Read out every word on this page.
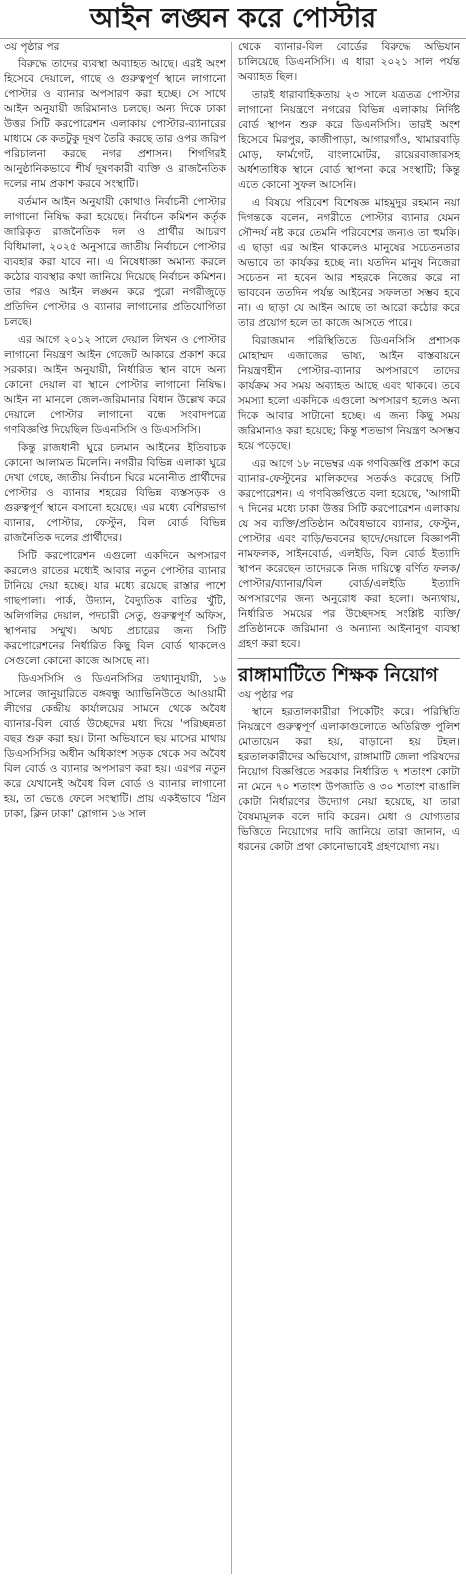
আইন লঙ্ঘন করে পোস্টার
৩য় পৃষ্ঠার পর

বিরুদ্ধে তাদের ব্যবস্থা অব্যাহত আছে। এরই অংশ হিসেবে দেয়ালে, গাছে ও গুরুত্বপূর্ণ স্থানে লাগানো পোস্টার ও ব্যানার অপসারণ করা হচ্ছে। সে সাথে আইন অনুযায়ী জরিমানাও চলছে। অন্য দিকে ঢাকা উত্তর সিটি করপোরেশন এলাকায় পোস্টার-ব্যানারের মাধ্যমে কে কতটুকু দূষণ তৈরি করছে তার ওপর জরিপ পরিচালনা করছে নগর প্রশাসন। শিগগিরই আনুষ্ঠানিকভাবে শীর্ষ দূষণকারী ব্যক্তি ও রাজনৈতিক দলের নাম প্রকাশ করবে সংস্থাটি।

বর্তমান আইন অনুযায়ী কোথাও নির্বাচনী পোস্টার লাগানো নিষিদ্ধ করা হয়েছে। নির্বাচন কমিশন কর্তৃক জারিকৃত রাজনৈতিক দল ও প্রার্থীর আচরণ বিধিমালা, ২০২৫ অনুসারে জাতীয় নির্বাচনে পোস্টার ব্যবহার করা যাবে না। এ নিষেধাজ্ঞা অমান্য করলে কঠোর ব্যবস্থার কথা জানিয়ে দিয়েছে নির্বাচন কমিশন। তার পরও আইন লঙ্ঘন করে পুরো নগরীজুড়ে প্রতিদিন পোস্টার ও ব্যানার লাগানোর প্রতিযোগিতা চলছে।

এর আগে ২০১২ সালে দেয়াল লিখন ও পোস্টার লাগানো নিয়ন্ত্রণ আইন গেজেট আকারে প্রকাশ করে সরকার। আইন অনুযায়ী, নির্ধারিত স্থান বাদে অন্য কোনো দেয়াল বা স্থানে পোস্টার লাগানো নিষিদ্ধ। আইন না মানলে জেল-জরিমানার বিধান উল্লেখ করে দেয়ালে পোস্টার লাগানো বন্ধে সংবাদপত্রে গণবিজ্ঞপ্তি দিয়েছিল ডিএনসিসি ও ডিএসসিসি।

কিন্তু রাজধানী ঘুরে চলমান আইনের ইতিবাচক কোনো আলামত মিলেনি। নগরীর বিভিন্ন এলাকা ঘুরে দেখা গেছে, জাতীয় নির্বাচন ঘিরে মনোনীত প্রার্থীদের পোস্টার ও ব্যানার শহরের বিভিন্ন ব্যস্তসড়ক ও গুরুত্বপূর্ণ স্থানে বসানো হয়েছে। এর মধ্যে বেশিরভাগ ব্যানার, পোস্টার, ফেস্টুন, বিল বোর্ড বিভিন্ন রাজনৈতিক দলের প্রার্থীদের।

সিটি করপোরেশন এগুলো একদিনে অপসারণ করলেও রাতের মধ্যেই আবার নতুন পোস্টার ব্যানার টানিয়ে দেয়া হচ্ছে। যার মধ্যে রয়েছে রাস্তার পাশে গাছপালা। পার্ক, উদ্যান, বৈদ্যুতিক বাতির খুঁটি, অলিগলির দেয়াল, পদচারী সেতু, গুরুত্বপূর্ণ অফিস, স্থাপনার সম্মুখ। অথচ প্রচারের জন্য সিটি করপোরেশনের নির্ধারিত কিছু বিল বোর্ড থাকলেও সেগুলো কোনো কাজে আসছে না।

ডিএসসিসি ও ডিএনসিসির তথ্যানুযায়ী, ১৬ সালের জানুয়ারিতে বঙ্গবন্ধু অ্যাভিনিউতে আওয়ামী লীগের কেন্দ্রীয় কার্যালয়ের সামনে থেকে অবৈধ ব্যানার-বিল বোর্ড উচ্ছেদের মধ্য দিয়ে 'পরিচ্ছন্নতা বছর শুরু করা হয়। টানা অভিযানে ছয় মাসের মাথায় ডিএসসিসির অধীন অধিকাংশ সড়ক থেকে সব অবৈধ বিল বোর্ড ও ব্যানার অপসারণ করা হয়। এরপর নতুন করে যেখানেই অবৈধ বিল বোর্ড ও ব্যানার লাগানো হয়, তা ভেঙে ফেলে সংস্থাটি। প্রায় একইভাবে 'গ্রিন ঢাকা, ক্লিন ঢাকা' স্লোগান ১৬ সাল

থেকে ব্যানার-বিল বোর্ডের বিরুদ্ধে অভিযান চালিয়েছে ডিএনসিসি। এ ধারা ২০২১ সাল পর্যন্ত অব্যাহত ছিল।

তারই ধারাবাহিকতায় ২৩ সালে যত্রতত্র পোস্টার লাগানো নিয়ন্ত্রণে নগরের বিভিন্ন এলাকায় নির্দিষ্ট বোর্ড স্থাপন শুরু করে ডিএনসিসি। তারই অংশ হিসেবে মিরপুর, কাজীপাড়া, আগারগাঁও, খামারবাড়ি মোড়, ফার্মগেট, বাংলামোটর, রায়েরবাজারসহ অর্ধশতাধিক স্থানে বোর্ড স্থাপনা করে সংস্থাটি; কিন্তু এতে কোনো সুফল আসেনি।

এ বিষয়ে পরিবেশ বিশেষজ্ঞ মাহমুদুর রহমান নয়া দিগন্তকে বলেন, নগরীতে পোস্টার ব্যানার যেমন সৌন্দর্য নষ্ট করে তেমনি পরিবেশের জন্যও তা হুমকি। এ ছাড়া এর আইন থাকলেও মানুষের সচেতনতার অভাবে তা কার্যকর হচ্ছে না। যতদিন মানুষ নিজেরা সচেতন না হবেন আর শহরকে নিজের করে না ভাববেন ততদিন পর্যন্ত আইনের সফলতা সম্ভব হবে না। এ ছাড়া যে আইন আছে তা আরো কঠোর করে তার প্রয়োগ হলে তা কাজে আসতে পারে।

বিরাজমান পরিস্থিতিতে ডিএনসিসি প্রশাসক মোহাম্মদ এজাজের ভাষ্য, আইন বাস্তবায়নে নিয়ন্ত্রণহীন পোস্টার-ব্যানার অপসারণে তাদের কার্যক্রম সব সময় অব্যাহত আছে এবং থাকবে। তবে সমস্যা হলো একদিকে এগুলো অপসারণ হলেও অন্য দিকে আবার সাটানো হচ্ছে। এ জন্য কিছু সময় জরিমানাও করা হয়েছে; কিন্তু শতভাগ নিয়ন্ত্রণ অসম্ভব হয়ে পড়েছে।

এর আগে ১৮ নভেম্বর এক গণবিজ্ঞপ্তি প্রকাশ করে ব্যানার-ফেস্টুনের মালিকদের সতর্কও করেছে সিটি করপোরেশন। এ গণবিজ্ঞপ্তিতে বলা হয়েছে, 'আগামী ৭ দিনের মধ্যে ঢাকা উত্তর সিটি করপোরেশন এলাকায় যে সব ব্যক্তি/প্রতিষ্ঠান অবৈধভাবে ব্যানার, ফেস্টুন, পোস্টার এবং বাড়ি/ভবনের ছাদে/দেয়ালে বিজ্ঞাপনী নামফলক, সাইনবোর্ড, এলইডি, বিল বোর্ড ইত্যাদি স্থাপন করেছেন তাদেরকে নিজ দায়িত্বে বর্ণিত ফলক/পোস্টার/ব্যানার/বিল বোর্ড/এলইডি ইত্যাদি অপসারণের জন্য অনুরোধ করা হলো। অন্যথায়, নির্ধারিত সময়ের পর উচ্ছেদসহ সংশ্লিষ্ট ব্যক্তি/প্রতিষ্ঠানকে জরিমানা ও অন্যান্য আইনানুগ ব্যবস্থা গ্রহণ করা হবে।

রাঙ্গামাটিতে শিক্ষক নিয়োগ
৩য় পৃষ্ঠার পর

স্থানে হরতালকারীরা পিকেটিং করে। পরিস্থিতি নিয়ন্ত্রণে গুরুত্বপূর্ণ এলাকাগুলোতে অতিরিক্ত পুলিশ মোতায়েন করা হয়, বাড়ানো হয় টহল। হরতালকারীদের অভিযোগ, রাঙ্গামাটি জেলা পরিষদের নিয়োগ বিজ্ঞপ্তিতে সরকার নির্ধারিত ৭ শতাংশ কোটা না মেনে ৭০ শতাংশ উপজাতি ও ৩০ শতাংশ বাঙালি কোটা নির্ধারণের উদ্যোগ নেয়া হয়েছে, যা তারা বৈষম্যমূলক বলে দাবি করেন। মেধা ও যোগ্যতার ভিত্তিতে নিয়োগের দাবি জানিয়ে তারা জানান, এ ধরনের কোটা প্রথা কোনোভাবেই গ্রহণযোগ্য নয়।
